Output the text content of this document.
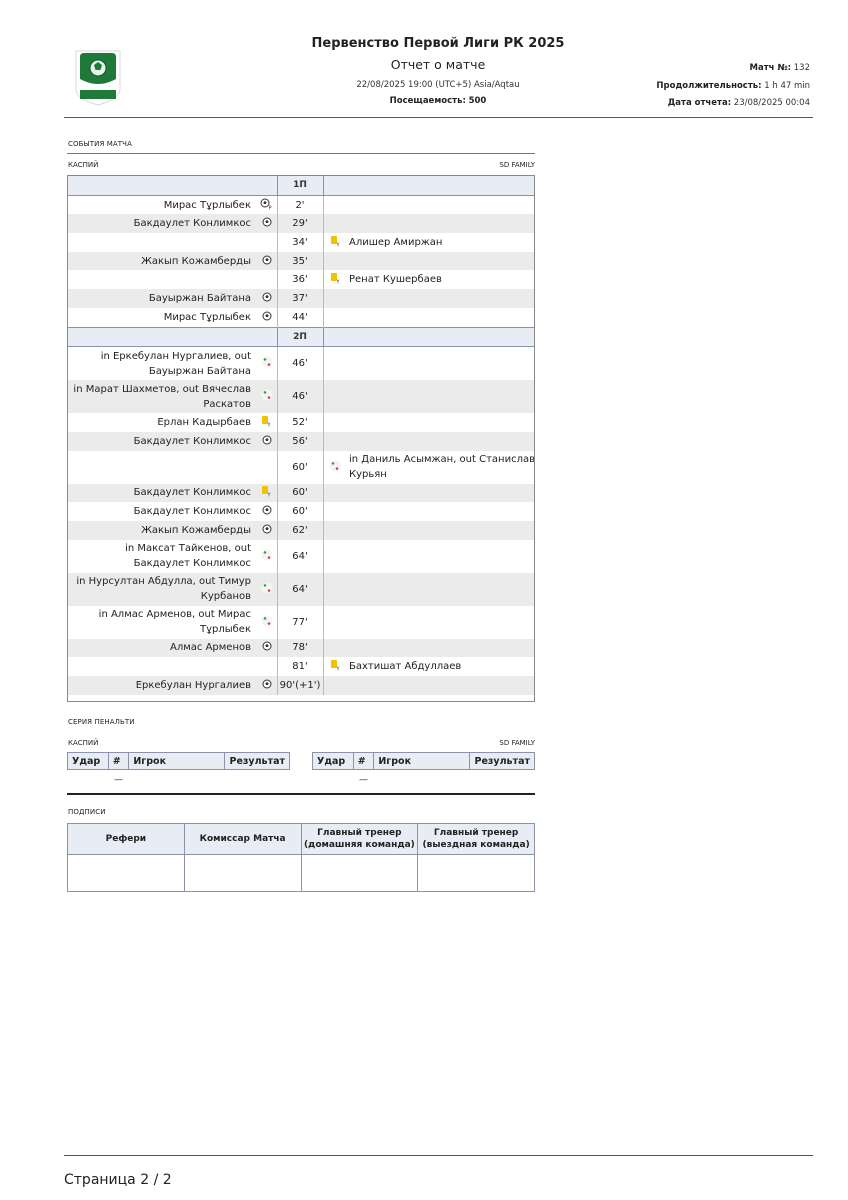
Первенство Первой Лиги РК 2025
Отчет о матче
22/08/2025 19:00 (UTC+5) Asia/Aqtau
Посещаемость: 500
Матч №: 132
Продолжительность: 1 h 47 min
Дата отчета: 23/08/2025 00:04
СОБЫТИЯ МАТЧА
КАСПИЙ	SD FAMILY
		1П		
Мирас Тұрлыбек	P	2'		
Бакдаулет Конлимкос		29'		
		34'	Y	Алишер Амиржан
Жакып Кожамберды		35'		
		36'	Y	Ренат Кушербаев
Бауыржан Байтана		37'		
Мирас Тұрлыбек		44'		
		2П		
in Еркебулан Нургалиев, out Бауыржан Байтана		46'		
in Марат Шахметов, out Вячеслав Раскатов		46'		
Ерлан Кадырбаев	Y	52'		
Бакдаулет Конлимкос		56'		
		60'		in Даниль Асымжан, out Станислав Курьян
Бакдаулет Конлимкос	Y	60'		
Бакдаулет Конлимкос		60'		
Жакып Кожамберды		62'		
in Максат Тайкенов, out Бакдаулет Конлимкос		64'		
in Нурсултан Абдулла, out Тимур Курбанов		64'		
in Алмас Арменов, out Мирас Тұрлыбек		77'		
Алмас Арменов		78'		
		81'	Y	Бахтишат Абдуллаев
Еркебулан Нургалиев		90'(+1')		
СЕРИЯ ПЕНАЛЬТИ
КАСПИЙ	SD FAMILY
Удар	#	Игрок	Результат
	—		
Удар	#	Игрок	Результат
	—		
ПОДПИСИ
Рефери	Комиссар Матча	Главный тренер (домашняя команда)	Главный тренер (выездная команда)

Страница 2 / 2
